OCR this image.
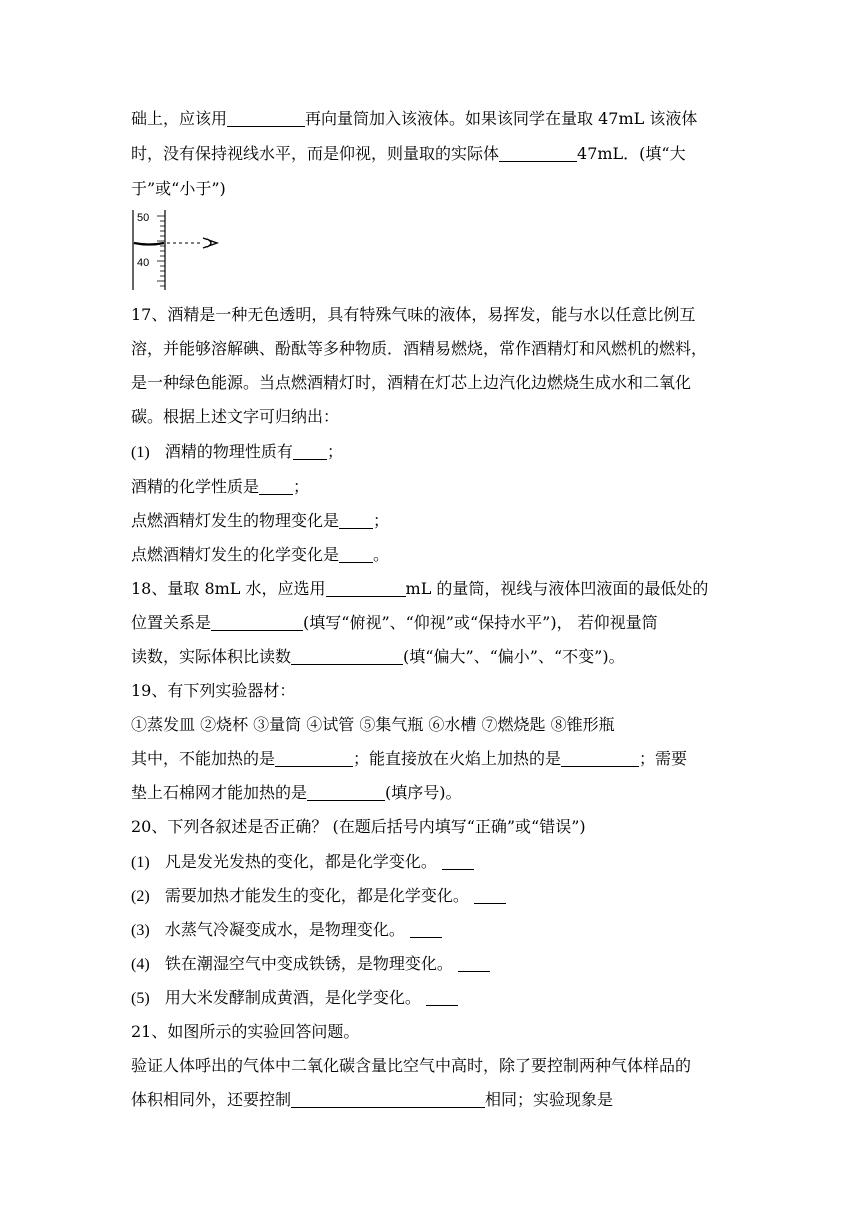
础上，应该用	再向量筒加入该液体。如果该同学在量取 47mL 该液体
时，没有保持视线水平，而是仰视，则量取的实际体	47mL．(填“大
于”或“小于”)
50
40
17、酒精是一种无色透明，具有特殊气味的液体，易挥发，能与水以任意比例互
溶，并能够溶解碘、酚酞等多种物质．酒精易燃烧，常作酒精灯和风燃机的燃料，
是一种绿色能源。当点燃酒精灯时，酒精在灯芯上边汽化边燃烧生成水和二氧化
碳。根据上述文字可归纳出：
(1) 酒精的物理性质有 ；
酒精的化学性质是 ；
点燃酒精灯发生的物理变化是 ；
点燃酒精灯发生的化学变化是 。
18、量取 8mL 水，应选用	mL 的量筒，视线与液体凹液面的最低处的
位置关系是	(填写“俯视”、“仰视”或“保持水平”)， 若仰视量筒
读数，实际体积比读数	(填“偏大”、“偏小”、“不变”)。
19、有下列实验器材：
①蒸发皿 ②烧杯 ③量筒 ④试管 ⑤集气瓶 ⑥水槽 ⑦燃烧匙 ⑧锥形瓶
其中，不能加热的是	；能直接放在火焰上加热的是	；需要
垫上石棉网才能加热的是	(填序号)。
20、下列各叙述是否正确？ (在题后括号内填写“正确”或“错误”)
(1) 凡是发光发热的变化，都是化学变化。
(2) 需要加热才能发生的变化，都是化学变化。
(3) 水蒸气冷凝变成水，是物理变化。
(4) 铁在潮湿空气中变成铁锈，是物理变化。
(5) 用大米发酵制成黄酒，是化学变化。
21、如图所示的实验回答问题。
验证人体呼出的气体中二氧化碳含量比空气中高时，除了要控制两种气体样品的
体积相同外，还要控制	相同；实验现象是
